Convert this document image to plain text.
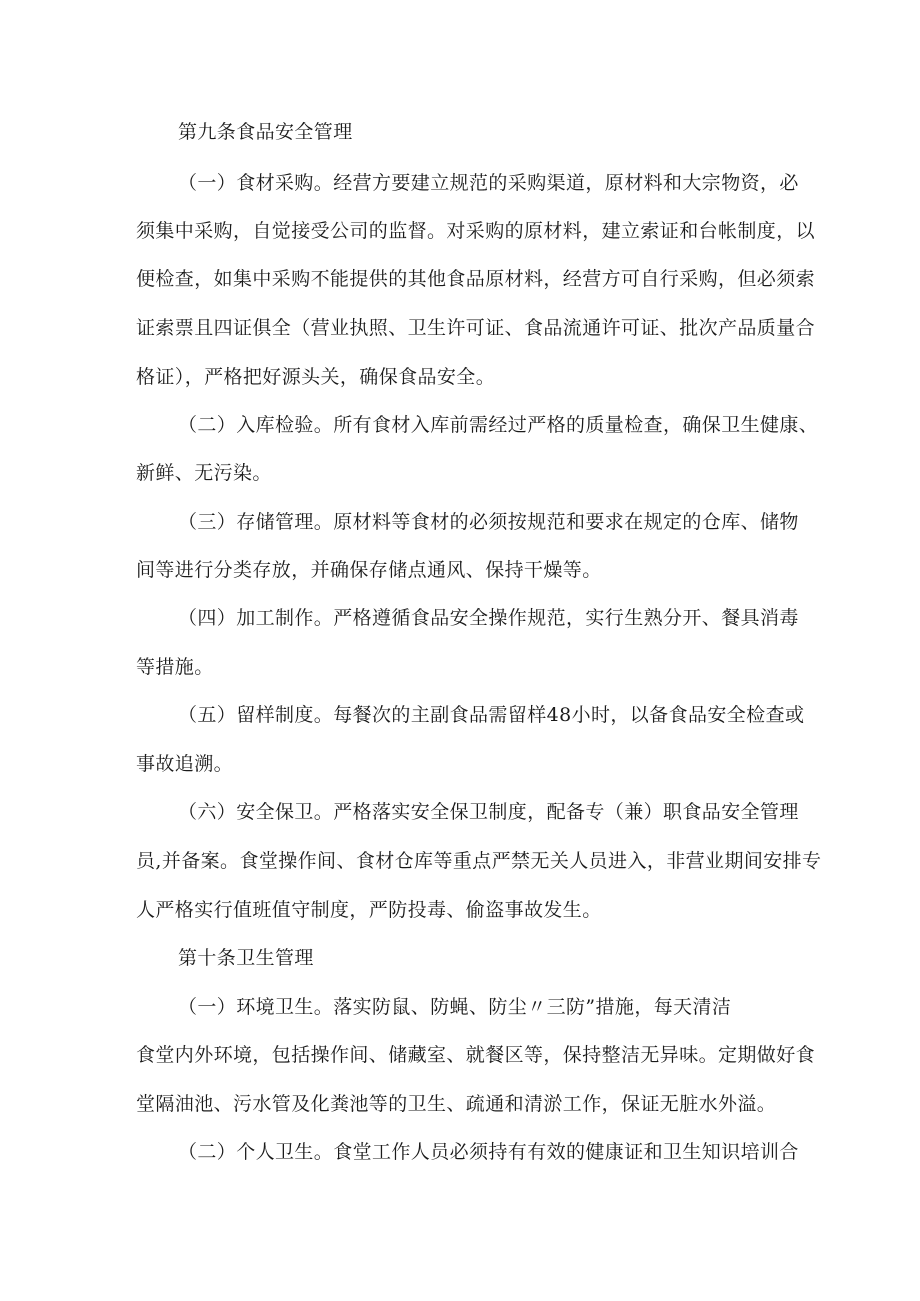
第九条食品安全管理
（一）食材采购。经营方要建立规范的采购渠道，原材料和大宗物资，必
须集中采购，自觉接受公司的监督。对采购的原材料，建立索证和台帐制度，以
便检查，如集中采购不能提供的其他食品原材料，经营方可自行采购，但必须索
证索票且四证俱全（营业执照、卫生许可证、食品流通许可证、批次产品质量合
格证），严格把好源头关，确保食品安全。
（二）入库检验。所有食材入库前需经过严格的质量检查，确保卫生健康、
新鲜、无污染。
（三）存储管理。原材料等食材的必须按规范和要求在规定的仓库、储物
间等进行分类存放，并确保存储点通风、保持干燥等。
（四）加工制作。严格遵循食品安全操作规范，实行生熟分开、餐具消毒
等措施。
（五）留样制度。每餐次的主副食品需留样48小时，以备食品安全检查或
事故追溯。
（六）安全保卫。严格落实安全保卫制度，配备专（兼）职食品安全管理
员,并备案。食堂操作间、食材仓库等重点严禁无关人员进入，非营业期间安排专
人严格实行值班值守制度，严防投毒、偷盗事故发生。
第十条卫生管理
（一）环境卫生。落实防鼠、防蝇、防尘〃三防”措施，每天清洁
食堂内外环境，包括操作间、储藏室、就餐区等，保持整洁无异味。定期做好食
堂隔油池、污水管及化粪池等的卫生、疏通和清淤工作，保证无脏水外溢。
（二）个人卫生。食堂工作人员必须持有有效的健康证和卫生知识培训合
